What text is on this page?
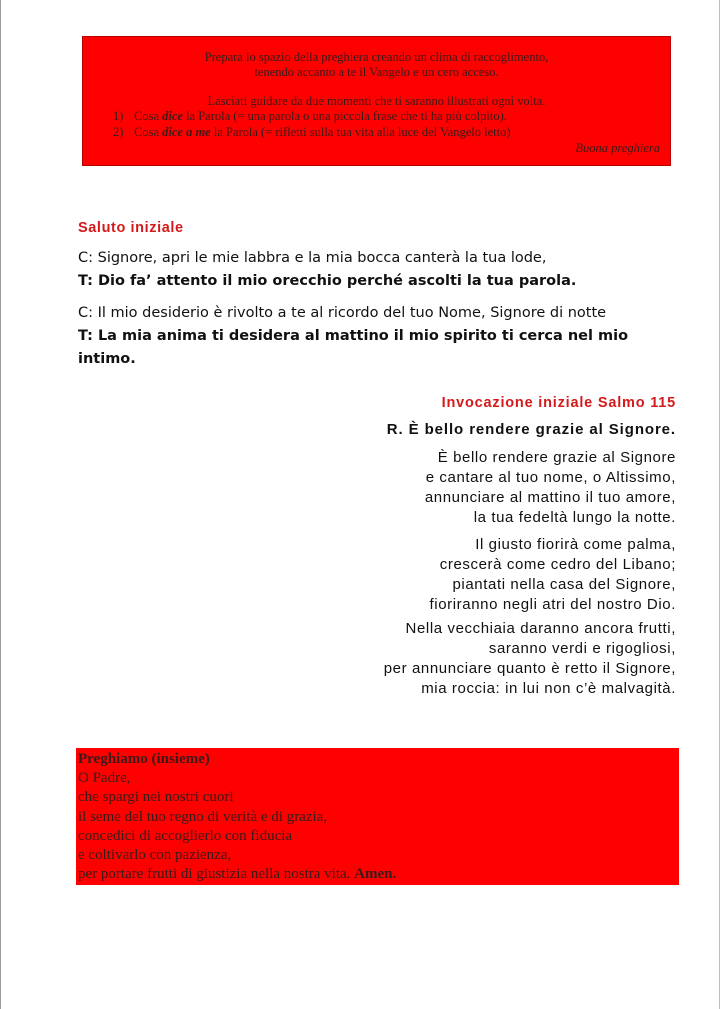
Prepara lo spazio della preghiera creando un clima di raccoglimento,
tenendo accanto a te il Vangelo e un cero acceso.
Lasciati guidare da due momenti che ti saranno illustrati ogni volta.
1) Cosa dice la Parola (= una parola o una piccola frase che ti ha più colpito).
2) Cosa dice a me la Parola (= rifletti sulla tua vita alla luce del Vangelo letto)
Buona preghiera
Saluto iniziale
C: Signore, apri le mie labbra e la mia bocca canterà la tua lode,
T: Dio fa’ attento il mio orecchio perché ascolti la tua parola.
C: Il mio desiderio è rivolto a te al ricordo del tuo Nome, Signore di notte
T: La mia anima ti desidera al mattino il mio spirito ti cerca nel mio intimo.
Invocazione iniziale Salmo 115
R. È bello rendere grazie al Signore.
È bello rendere grazie al Signore
e cantare al tuo nome, o Altissimo,
annunciare al mattino il tuo amore,
la tua fedeltà lungo la notte.
Il giusto fiorirà come palma,
crescerà come cedro del Libano;
piantati nella casa del Signore,
fioriranno negli atri del nostro Dio.
Nella vecchiaia daranno ancora frutti,
saranno verdi e rigogliosi,
per annunciare quanto è retto il Signore,
mia roccia: in lui non c’è malvagità.
Preghiamo (insieme)
O Padre,
che spargi nei nostri cuori
il seme del tuo regno di verità e di grazia,
concedici di accoglierlo con fiducia
e coltivarlo con pazienza,
per portare frutti di giustizia nella nostra vita. Amen.
